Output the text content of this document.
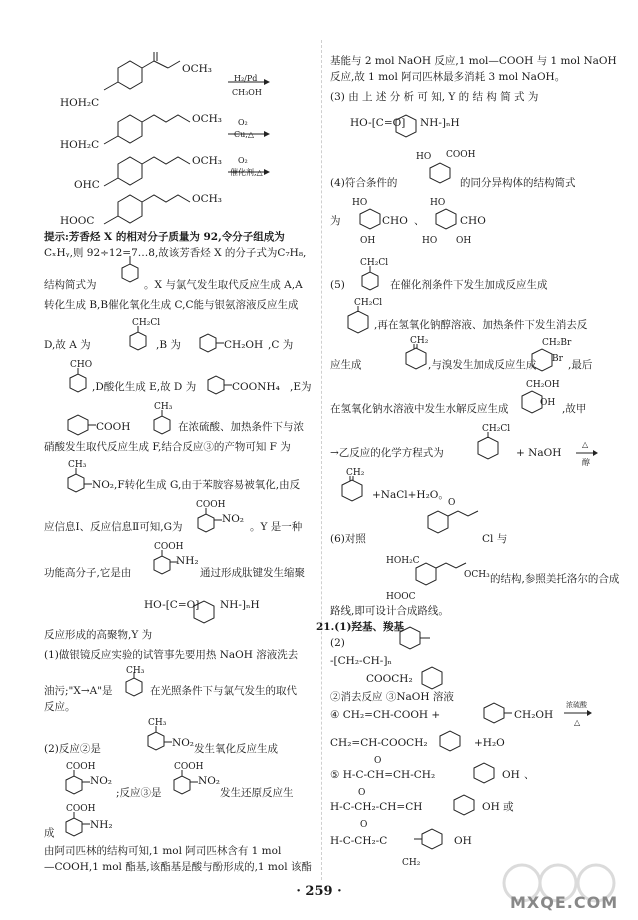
HOH₂C
OCH₃
H₂/Pd
CH₃OH
HOH₂C
OCH₃ O₂
Cu,△
OHC
OCH₃ O₂
催化剂,△
HOOC
OCH₃
提示:芳香烃 X 的相对分子质量为 92,令分子组成为
CₓHᵧ,则 92÷12=7…8,故该芳香烃 X 的分子式为C₇H₈,
结构简式为	。X 与氯气发生取代反应生成 A,A
转化生成 B,B催化氧化生成 C,C能与银氨溶液反应生成
CH₂Cl
D,故 A 为	,B 为	CH₂OH ,C 为
CHO
,D酸化生成 E,故 D 为	COONH₄ ,E为
COOH
CH₃
在浓硫酸、加热条件下与浓
硝酸发生取代反应生成 F,结合反应③的产物可知 F 为
CH₃
NO₂ ,F转化生成 G,由于苯胺容易被氧化,由反
COOH
NO₂
应信息Ⅰ、反应信息Ⅱ可知,G为	。Y 是一种
COOH
NH₂
功能高分子,它是由	通过形成肽键发生缩聚
HO-[C=O] NH-]ₙH
反应形成的高聚物,Y 为
(1)做银镜反应实验的试管事先要用热 NaOH 溶液洗去
CH₃
油污;"X→A"是	在光照条件下与氯气发生的取代
反应。
CH₃
NO₂
(2)反应②是	发生氧化反应生成
COOH
NO₂
;反应③是
COOH
NO₂
发生还原反应生
COOH
NH₂
成
由阿司匹林的结构可知,1 mol 阿司匹林含有 1 mol
—COOH,1 mol 酯基,该酯基是酸与酚形成的,1 mol 该酯
基能与 2 mol NaOH 反应,1 mol—COOH 与 1 mol NaOH
反应,故 1 mol 阿司匹林最多消耗 3 mol NaOH。
(3) 由 上 述 分 析 可 知, Y 的 结 构 简 式 为
HO-[C=O] NH-]ₙH
HO COOH
(4)符合条件的	的同分异构体的结构简式
HO
为	CHO
OH
、
HO
CHO
HO OH
CH₂Cl
(5)	在催化剂条件下发生加成反应生成
CH₂Cl
,再在氢氧化钠醇溶液、加热条件下发生消去反
CH₂
应生成	,与溴发生加成反应生成
CH₂Br
Br ,最后
CH₂OH
OH
在氢氧化钠水溶液中发生水解反应生成	,故甲
CH₂Cl
→乙反应的化学方程式为	+ NaOH
△
醇
CH₂
+NaCl+H₂O。
O
(6)对照	Cl 与
HOH₂C
OCH₃ 的结构,参照美托洛尔的合成
HOOC
路线,即可设计合成路线。
21.(1)羟基、羧基
(2)
-[CH₂-CH-]ₙ
COOCH₂
②消去反应 ③NaOH 溶液
④ CH₂=CH-COOH +	CH₂OH
浓硫酸
△
CH₂=CH-COOCH₂	+H₂O
O
⑤ H-C-CH=CH-CH₂	OH 、
O
H-C-CH₂-CH=CH	OH 或
O
H-C-CH₂-C	OH
CH₂
· 259 ·
MXQE.COM
